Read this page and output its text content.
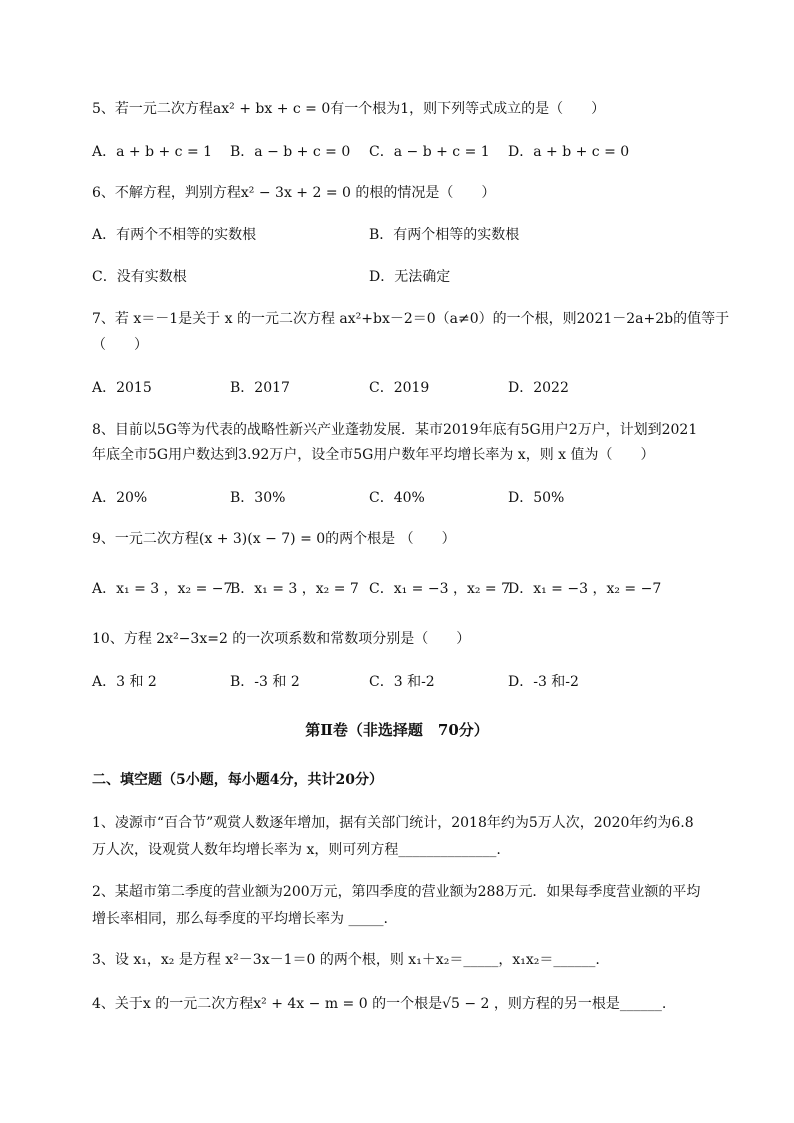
5、若一元二次方程ax² + bx + c = 0有一个根为1，则下列等式成立的是（　　）
A．a + b + c = 1 B．a − b + c = 0 C．a − b + c = 1 D．a + b + c = 0
6、不解方程，判别方程x² − 3x + 2 = 0 的根的情况是（　　）
A．有两个不相等的实数根	B．有两个相等的实数根
C．没有实数根	D．无法确定
7、若 x＝－1是关于 x 的一元二次方程 ax²+bx－2＝0（a≠0）的一个根，则2021－2a+2b的值等于
（　　）
A．2015	B．2017	C．2019	D．2022
8、目前以5G等为代表的战略性新兴产业蓬勃发展．某市2019年底有5G用户2万户，计划到2021
年底全市5G用户数达到3.92万户，设全市5G用户数年平均增长率为 x，则 x 值为（　　）
A．20%	B．30%	C．40%	D．50%
9、一元二次方程(x + 3)(x − 7) = 0的两个根是 （　　）
A．x₁ = 3 ，x₂ = −7
B．x₁ = 3 ，x₂ = 7 C．x₁ = −3 ，x₂ = 7
D．x₁ = −3 ，x₂ = −7
10、方程 2x²−3x=2 的一次项系数和常数项分别是（　　）
A．3 和 2	B．-3 和 2	C．3 和-2	D．-3 和-2
第Ⅱ卷（非选择题　70分）
二、填空题（5小题，每小题4分，共计20分）
1、凌源市“百合节”观赏人数逐年增加，据有关部门统计，2018年约为5万人次，2020年约为6.8
万人次，设观赏人数年均增长率为 x，则可列方程______________.
2、某超市第二季度的营业额为200万元，第四季度的营业额为288万元．如果每季度营业额的平均
增长率相同，那么每季度的平均增长率为 _____.
3、设 x₁，x₂ 是方程 x²－3x－1＝0 的两个根，则 x₁＋x₂＝_____，x₁x₂＝______.
4、关于x 的一元二次方程x² + 4x − m = 0 的一个根是√5 − 2 ，则方程的另一根是______.
